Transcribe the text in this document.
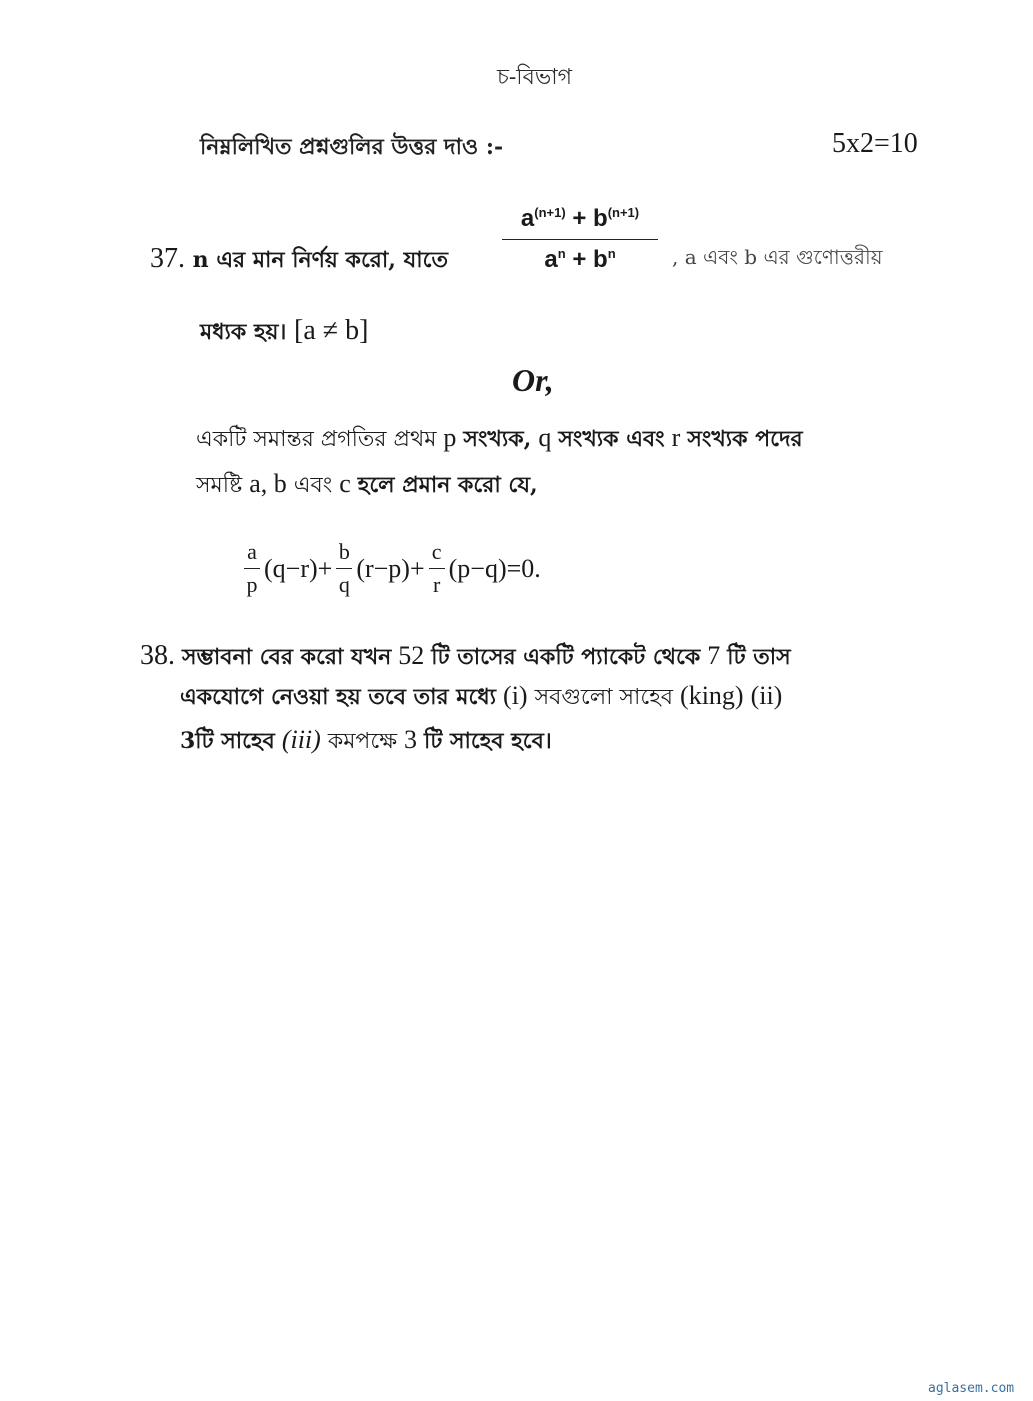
চ-বিভাগ
নিম্নলিখিত প্রশ্নগুলির উত্তর দাও :-	5x2=10
37. n এর মান নির্ণয় করো, যাতে
$a^{(n+1)} + b^{(n+1)}$
$a^n + b^n$	, a এবং b এর গুণোত্তরীয়
মধ্যক হয়। [a ≠ b]
Or,
একটি সমান্তর প্রগতির প্রথম p সংখ্যক, q সংখ্যক এবং r সংখ্যক পদের
সমষ্টি a, b এবং c হলে প্রমান করো যে,
a
p
(q−r)+
b
q
(r−p)+
c
r
(p−q)=0 .
38. সম্ভাবনা বের করো যখন 52 টি তাসের একটি প্যাকেট থেকে 7 টি তাস
একযোগে নেওয়া হয় তবে তার মধ্যে (i) সবগুলো সাহেব (king) (ii)
3টি সাহেব (iii) কমপক্ষে 3 টি সাহেব হবে।
aglasem.com
